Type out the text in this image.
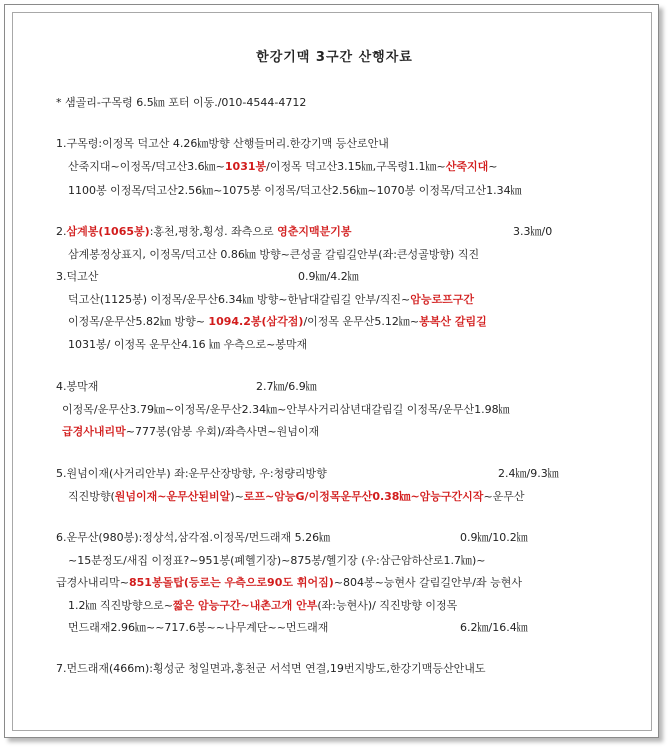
한강기맥 3구간 산행자료
* 샘골리-구목령 6.5㎞ 포터 이동./010-4544-4712
1.구목령:이정목 덕고산 4.26㎞방향 산행들머리.한강기맥 등산로안내
산죽지대~이정목/덕고산3.6㎞~1031봉/이정목 덕고산3.15㎞,구목령1.1㎞~산죽지대~
1100봉 이정목/덕고산2.56㎞~1075봉 이정목/덕고산2.56㎞~1070봉 이정목/덕고산1.34㎞
2.삼계봉(1065봉):홍천,평창,횡성. 좌측으로 영춘지맥분기봉	3.3㎞/0
삼계봉정상표지, 이정목/덕고산 0.86㎞ 방향~큰성골 갈림길안부(좌:큰성골방향) 직진
3.덕고산	0.9㎞/4.2㎞
덕고산(1125봉) 이정목/운무산6.34㎞ 방향~한남대갈림길 안부/직진~암능로프구간
이정목/운무산5.82㎞ 방향~ 1094.2봉(삼각점)/이정목 운무산5.12㎞~봉복산 갈림길
1031봉/ 이정목 운무산4.16 ㎞ 우측으로~봉막재
4.봉막재	2.7㎞/6.9㎞
이정목/운무산3.79㎞~이정목/운무산2.34㎞~안부사거리삼년대갈림길 이정목/운무산1.98㎞
급경사내리막~777봉(암봉 우회)/좌측사면~원넘이재
5.원넘이재(사거리안부) 좌:운무산장방향, 우:청량리방향	2.4㎞/9.3㎞
직진방향(원넘이재~운무산된비알)~로프~암능G/이정목운무산0.38㎞~암능구간시작~운무산
6.운무산(980봉):정상석,삼각점.이정목/먼드래재 5.26㎞	0.9㎞/10.2㎞
~15분정도/새집 이정표?~951봉(폐헬기장)~875봉/헬기장 (우:삼근암하산로1.7㎞)~
급경사내리막~851봉돌탑(등로는 우측으로90도 휘어짐)~804봉~능현사 갈림길안부/좌 능현사
1.2㎞ 직진방향으로~짧은 암능구간~내촌고개 안부(좌:능현사)/ 직진방향 이정목
먼드래재2.96㎞~~717.6봉~~나무계단~~먼드래재	6.2㎞/16.4㎞
7.먼드래재(466m):횡성군 청일면과,홍천군 서석면 연결,19번지방도,한강기맥등산안내도
